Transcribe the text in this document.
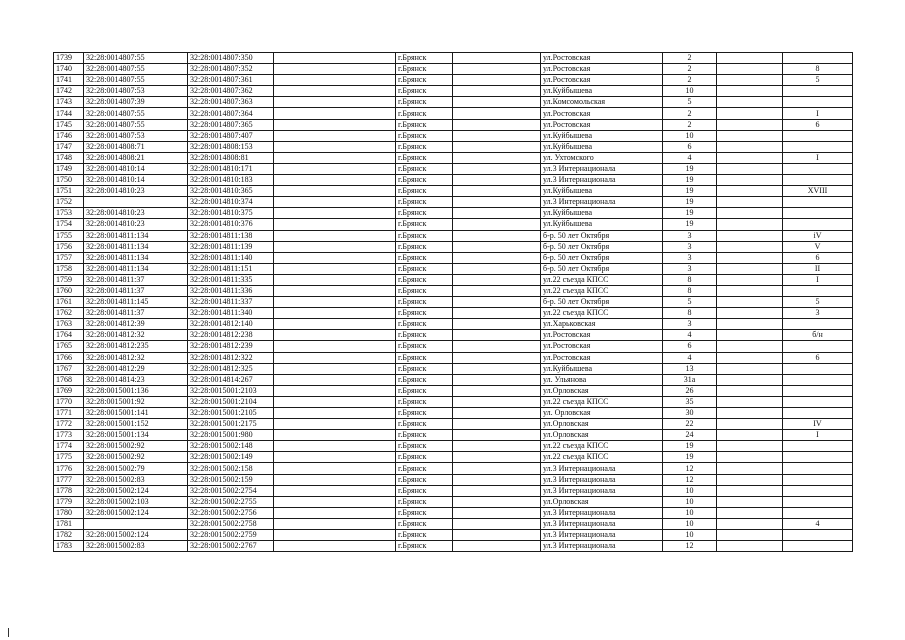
1739	32:28:0014807:55	32:28:0014807:350		г.Брянск		ул.Ростовская	2		
1740	32:28:0014807:55	32:28:0014807:352		г.Брянск		ул.Ростовская	2		8
1741	32:28:0014807:55	32:28:0014807:361		г.Брянск		ул.Ростовская	2		5
1742	32:28:0014807:53	32:28:0014807:362		г.Брянск		ул.Куйбышева	10		
1743	32:28:0014807:39	32:28:0014807:363		г.Брянск		ул.Комсомольская	5		
1744	32:28:0014807:55	32:28:0014807:364		г.Брянск		ул.Ростовская	2		I
1745	32:28:0014807:55	32:28:0014807:365		г.Брянск		ул.Ростовская	2		6
1746	32:28:0014807:53	32:28:0014807:407		г.Брянск		ул.Куйбышева	10		
1747	32:28:0014808:71	32:28:0014808:153		г.Брянск		ул.Куйбышева	6		
1748	32:28:0014808:21	32:28:0014808:81		г.Брянск		ул. Ухтомского	4		I
1749	32:28:0014810:14	32:28:0014810:171		г.Брянск		ул.3 Интернационала	19		
1750	32:28:0014810:14	32:28:0014810:183		г.Брянск		ул.3 Интернационала	19		
1751	32:28:0014810:23	32:28:0014810:365		г.Брянск		ул.Куйбышева	19		XVIII
1752		32:28:0014810:374		г.Брянск		ул.3 Интернационала	19		
1753	32:28:0014810:23	32:28:0014810:375		г.Брянск		ул.Куйбышева	19		
1754	32:28:0014810:23	32:28:0014810:376		г.Брянск		ул.Куйбышева	19		
1755	32:28:0014811:134	32:28:0014811:138		г.Брянск		б-р. 50 лет Октября	3		iV
1756	32:28:0014811:134	32:28:0014811:139		г.Брянск		б-р. 50 лет Октября	3		V
1757	32:28:0014811:134	32:28:0014811:140		г.Брянск		б-р. 50 лет Октября	3		6
1758	32:28:0014811:134	32:28:0014811:151		г.Брянск		б-р. 50 лет Октября	3		II
1759	32:28:0014811:37	32:28:0014811:335		г.Брянск		ул.22 съезда КПСС	8		I
1760	32:28:0014811:37	32:28:0014811:336		г.Брянск		ул.22 съезда КПСС	8		
1761	32:28:0014811:145	32:28:0014811:337		г.Брянск		б-р. 50 лет Октября	5		5
1762	32:28:0014811:37	32:28:0014811:340		г.Брянск		ул.22 съезда КПСС	8		3
1763	32:28:0014812:39	32:28:0014812:140		г.Брянск		ул.Харьковская	3		
1764	32:28:0014812:32	32:28:0014812:238		г.Брянск		ул.Ростовская	4		б/н
1765	32:28:0014812:235	32:28:0014812:239		г.Брянск		ул.Ростовская	6		
1766	32:28:0014812:32	32:28:0014812:322		г.Брянск		ул.Ростовская	4		6
1767	32:28:0014812:29	32:28:0014812:325		г.Брянск		ул.Куйбышева	13		
1768	32:28:0014814:23	32:28:0014814:267		г.Брянск		ул. Ульянова	31а		
1769	32:28:0015001:136	32:28:0015001:2103		г.Брянск		ул.Орловская	26		
1770	32:28:0015001:92	32:28:0015001:2104		г.Брянск		ул.22 съезда КПСС	35		
1771	32:28:0015001:141	32:28:0015001:2105		г.Брянск		ул. Орловская	30		
1772	32:28:0015001:152	32:28:0015001:2175		г.Брянск		ул.Орловская	22		IV
1773	32:28:0015001:134	32:28:0015001:980		г.Брянск		ул.Орловская	24		I
1774	32:28:0015002:92	32:28:0015002:148		г.Брянск		ул.22 съезда КПСС	19		
1775	32:28:0015002:92	32:28:0015002:149		г.Брянск		ул.22 съезда КПСС	19		
1776	32:28:0015002:79	32:28:0015002:158		г.Брянск		ул.3 Интернационала	12		
1777	32:28:0015002:83	32:28:0015002:159		г.Брянск		ул.3 Интернационала	12		
1778	32:28:0015002:124	32:28:0015002:2754		г.Брянск		ул.3 Интернационала	10		
1779	32:28:0015002:103	32:28:0015002:2755		г.Брянск		ул.Орловская	10		
1780	32:28:0015002:124	32:28:0015002:2756		г.Брянск		ул.3 Интернационала	10		
1781		32:28:0015002:2758		г.Брянск		ул.3 Интернационала	10		4
1782	32:28:0015002:124	32:28:0015002:2759		г.Брянск		ул.3 Интернационала	10		
1783	32:28:0015002:83	32:28:0015002:2767		г.Брянск		ул.3 Интернационала	12		
